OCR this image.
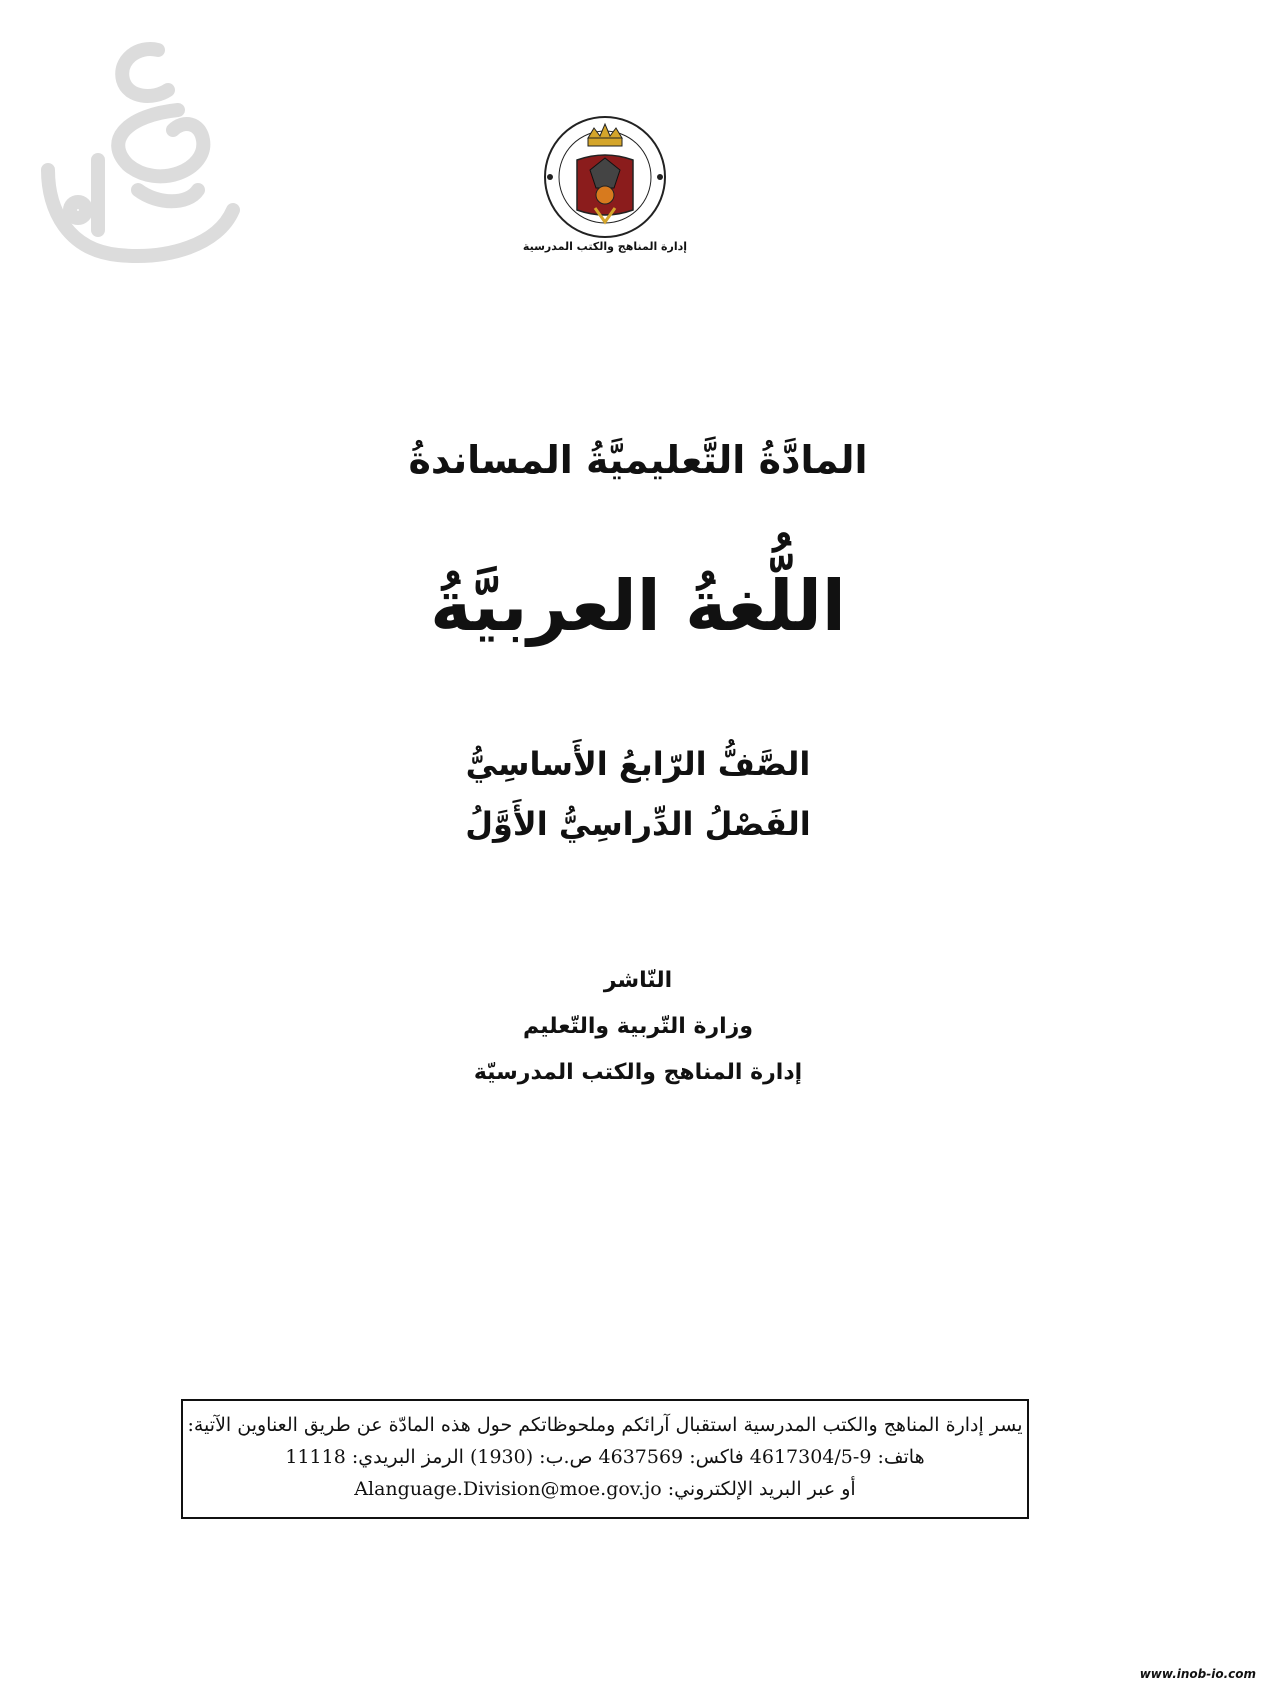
إدارة المناهج والكتب المدرسية
المادَّةُ التَّعليميَّةُ المساندةُ
اللُّغةُ العربيَّةُ
الصَّفُّ الرّابعُ الأَساسِيُّ
الفَصْلُ الدِّراسِيُّ الأَوَّلُ
النّاشر
وزارة التّربية والتّعليم
إدارة المناهج والكتب المدرسيّة
يسر إدارة المناهج والكتب المدرسية استقبال آرائكم وملحوظاتكم حول هذه المادّة عن طريق العناوين الآتية:
هاتف: 9-4617304/5 فاكس: 4637569 ص.ب: (1930) الرمز البريدي: 11118
أو عبر البريد الإلكتروني: Alanguage.Division@moe.gov.jo
www.inob-io.com
